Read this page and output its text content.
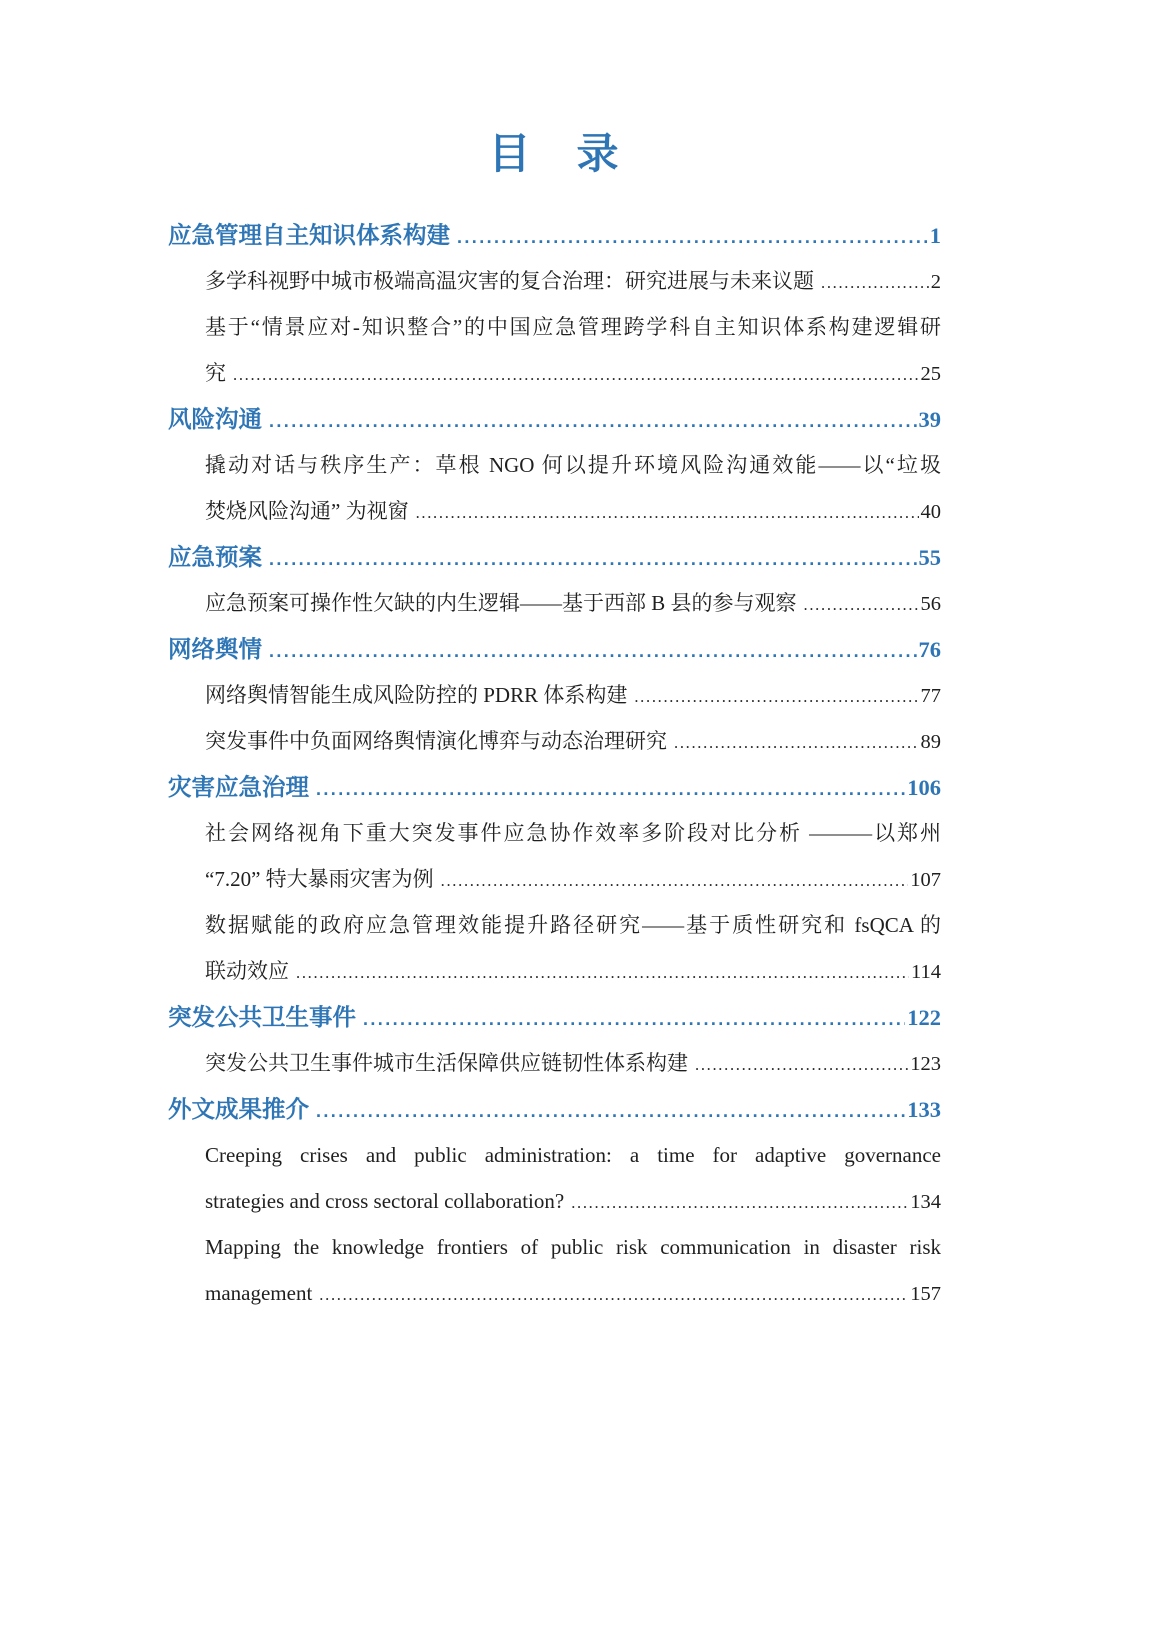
目　录
应急管理自主知识体系构建 .....	1
多学科视野中城市极端高温灾害的复合治理：研究进展与未来议题 .....	2
基于“情景应对-知识整合”的中国应急管理跨学科自主知识体系构建逻辑研
究 .....	25
风险沟通 .....	39
撬动对话与秩序生产：草根 NGO 何以提升环境风险沟通效能——以“垃圾
焚烧风险沟通” 为视窗 .....	40
应急预案 .....	55
应急预案可操作性欠缺的内生逻辑——基于西部 B 县的参与观察 .....	56
网络舆情 .....	76
网络舆情智能生成风险防控的 PDRR 体系构建 .....	77
突发事件中负面网络舆情演化博弈与动态治理研究 .....	89
灾害应急治理 .....	106
社会网络视角下重大突发事件应急协作效率多阶段对比分析 ———以郑州
“7.20” 特大暴雨灾害为例 .....	107
数据赋能的政府应急管理效能提升路径研究——基于质性研究和 fsQCA 的
联动效应 .....	114
突发公共卫生事件 .....	122
突发公共卫生事件城市生活保障供应链韧性体系构建 .....	123
外文成果推介 .....	133
Creeping crises and public administration: a time for adaptive governance
strategies and cross sectoral collaboration? .....	134
Mapping the knowledge frontiers of public risk communication in disaster risk
management .....	157
